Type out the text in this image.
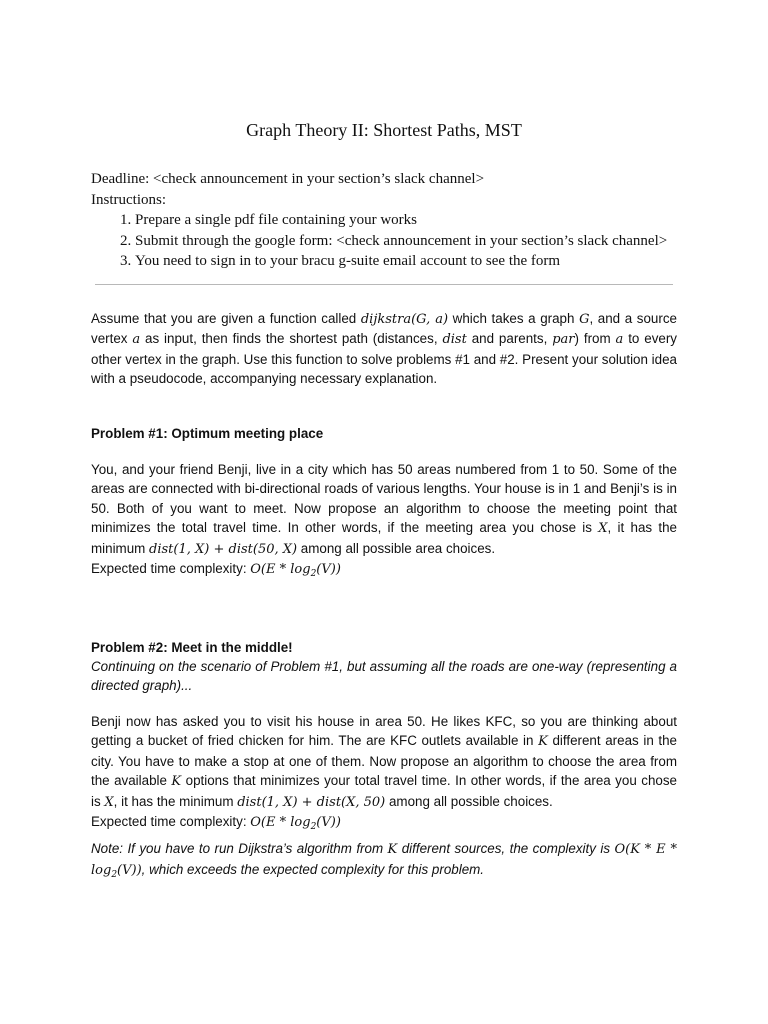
Graph Theory II: Shortest Paths, MST
Deadline: <check announcement in your section’s slack channel>
Instructions:
1. Prepare a single pdf file containing your works
2. Submit through the google form: <check announcement in your section’s slack channel>
3. You need to sign in to your bracu g-suite email account to see the form
Assume that you are given a function called dijkstra(G, a) which takes a graph G, and a source vertex a as input, then finds the shortest path (distances, dist and parents, par) from a to every other vertex in the graph. Use this function to solve problems #1 and #2. Present your solution idea with a pseudocode, accompanying necessary explanation.
Problem #1: Optimum meeting place
You, and your friend Benji, live in a city which has 50 areas numbered from 1 to 50. Some of the areas are connected with bi-directional roads of various lengths. Your house is in 1 and Benji’s is in 50. Both of you want to meet. Now propose an algorithm to choose the meeting point that minimizes the total travel time. In other words, if the meeting area you chose is X, it has the minimum dist(1, X) + dist(50, X) among all possible area choices.
Expected time complexity: $O(E * \log_2(V))$
Problem #2: Meet in the middle!
Continuing on the scenario of Problem #1, but assuming all the roads are one-way (representing a directed graph)...
Benji now has asked you to visit his house in area 50. He likes KFC, so you are thinking about getting a bucket of fried chicken for him. The are KFC outlets available in K different areas in the city. You have to make a stop at one of them. Now propose an algorithm to choose the area from the available K options that minimizes your total travel time. In other words, if the area you chose is X, it has the minimum dist(1, X) + dist(X, 50) among all possible choices.
Expected time complexity: $O(E * \log_2(V))$
Note: If you have to run Dijkstra’s algorithm from K different sources, the complexity is O(K * E * $\log_2(V)$), which exceeds the expected complexity for this problem.
